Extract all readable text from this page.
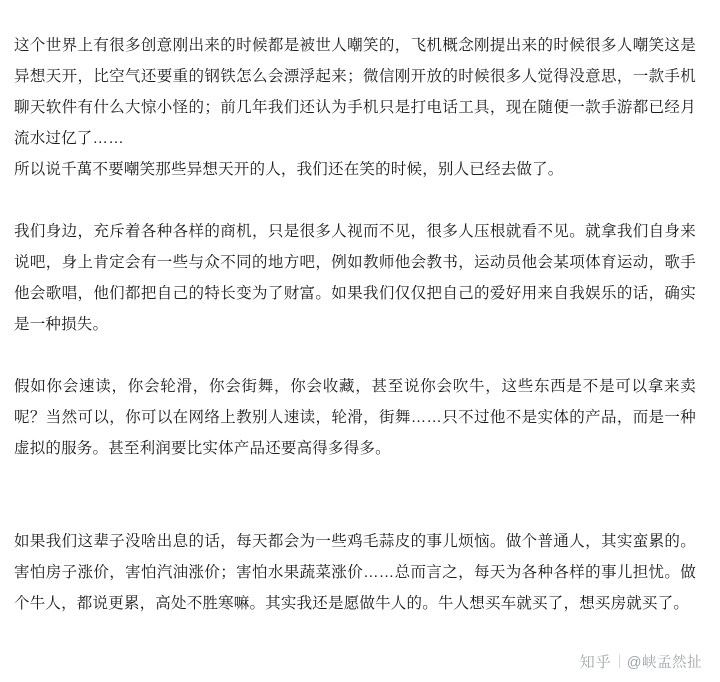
这个世界上有很多创意刚出来的时候都是被世人嘲笑的，飞机概念刚提出来的时候很多人嘲笑这是异想天开，比空气还要重的钢铁怎么会漂浮起来；微信刚开放的时候很多人觉得没意思，一款手机聊天软件有什么大惊小怪的；前几年我们还认为手机只是打电话工具，现在随便一款手游都已经月流水过亿了……

所以说千萬不要嘲笑那些异想天开的人，我们还在笑的时候，别人已经去做了。

我们身边，充斥着各种各样的商机，只是很多人视而不见，很多人压根就看不见。就拿我们自身来说吧，身上肯定会有一些与众不同的地方吧，例如教师他会教书，运动员他会某项体育运动，歌手他会歌唱，他们都把自己的特长变为了财富。如果我们仅仅把自己的爱好用来自我娱乐的话，确实是一种损失。

假如你会速读，你会轮滑，你会街舞，你会收藏，甚至说你会吹牛，这些东西是不是可以拿来卖呢？当然可以，你可以在网络上教别人速读，轮滑，街舞……只不过他不是实体的产品，而是一种虚拟的服务。甚至利润要比实体产品还要高得多得多。

如果我们这辈子没啥出息的话，每天都会为一些鸡毛蒜皮的事儿烦恼。做个普通人，其实蛮累的。害怕房子涨价，害怕汽油涨价；害怕水果蔬菜涨价……总而言之，每天为各种各样的事儿担忧。做个牛人，都说更累，高处不胜寒嘛。其实我还是愿做牛人的。牛人想买车就买了，想买房就买了。

知乎 @峡孟然扯
